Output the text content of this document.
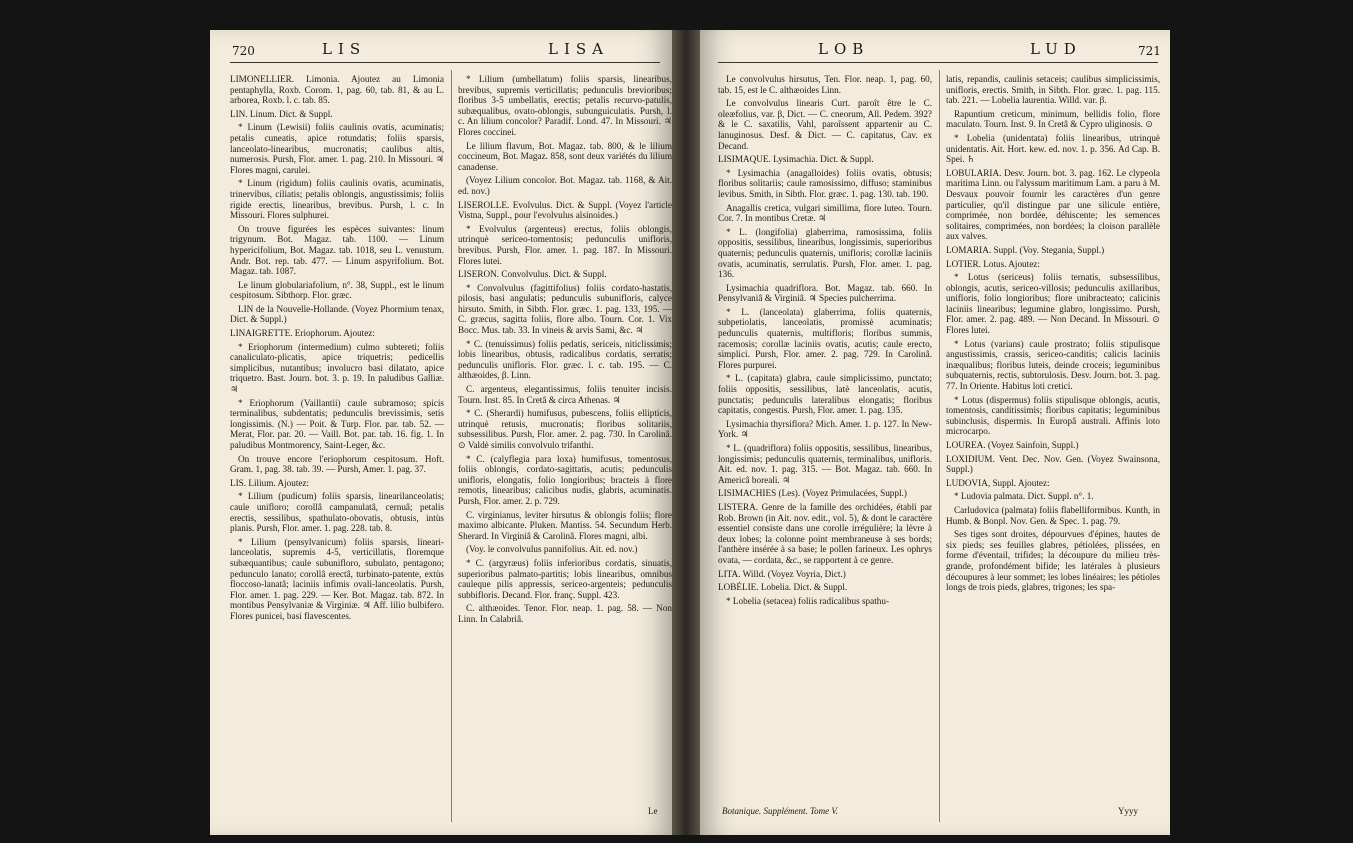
720	LIS	LISA	LOB	LUD	721

LIMONELLIER. Limonia. Ajoutez au Limonia pentaphylla, Roxb. Corom. 1, pag. 60, tab. 81, & au L. arborea, Roxb. l. c. tab. 85.

LIN. Linum. Dict. & Suppl.

* Linum (Lewisii) foliis caulinis ovatis, acuminatis; petalis cuneatis, apice rotundatis; foliis sparsis, lanceolato-linearibus, mucronatis; caulibus altis, numerosis. Pursh, Flor. amer. 1. pag. 210. In Missouri. ♃ Flores magni, carulei.

* Linum (rigidum) foliis caulinis ovatis, acuminatis, trinervibus, ciliatis; petalis oblongis, angustissimis; foliis rigide erectis, linearibus, brevibus. Pursh, l. c. In Missouri. Flores sulphurei.

On trouve figurées les espèces suivantes: linum trigynum. Bot. Magaz. tab. 1100. — Linum hypericifolium, Bot. Magaz. tab. 1018, seu L. venustum. Andr. Bot. rep. tab. 477. — Linum aspyrifolium. Bot. Magaz. tab. 1087.

Le linum globulariafolium, n°. 38, Suppl., est le linum cespitosum. Sibthorp. Flor. græc.

LIN de la Nouvelle-Hollande. (Voyez Phormium tenax, Dict. & Suppl.)

LINAIGRETTE. Eriophorum. Ajoutez:

* Eriophorum (intermedium) culmo subtereti; foliis canaliculato-plicatis, apice triquetris; pedicellis simplicibus, nutantibus; involucro basi dilatato, apice triquetro. Bast. Journ. bot. 3. p. 19. In paludibus Galliæ. ♃

* Eriophorum (Vaillantii) caule subramoso; spicis terminalibus, subdentatis; pedunculis brevissimis, setis longissimis. (N.) — Poit. & Turp. Flor. par. tab. 52. — Merat, Flor. par. 20. — Vaill. Bot. par. tab. 16. fig. 1. In paludibus Montmorency, Saint-Leger, &c.

On trouve encore l'eriophorum cespitosum. Hoft. Gram. 1, pag. 38. tab. 39. — Pursh, Amer. 1. pag. 37.

LIS. Lilium. Ajoutez:

* Lilium (pudicum) foliis sparsis, linearilanceolatis; caule unifloro; corollâ campanulatâ, cernuâ; petalis erectis, sessilibus, spathulato-obovatis, obtusis, intùs planis. Pursh, Flor. amer. 1. pag. 228. tab. 8.

* Lilium (pensylvanicum) foliis sparsis, lineari-lanceolatis, supremis 4-5, verticillatis, floremque subæquantibus; caule subunifloro, subulato, pentagono; pedunculo lanato; corollâ erectâ, turbinato-patente, extùs floccoso-lanatâ; laciniis infimis ovali-lanceolatis. Pursh, Flor. amer. 1. pag. 229. — Ker. Bot. Magaz. tab. 872. In montibus Pensylvaniæ & Virginiæ. ♃ Aff. lilio bulbifero. Flores punicei, basi flavescentes.

* Lilium (umbellatum) foliis sparsis, linearibus, brevibus, supremis verticillatis; pedunculis brevioribus; floribus 3-5 umbellatis, erectis; petalis recurvo-patulis, subæqualibus, ovato-oblongis, subunguiculatis. Pursh, l. c. An lilium concolor? Paradif. Lond. 47. In Missouri. ♃ Flores coccinei.

Le lilium flavum, Bot. Magaz. tab. 800, & le lilium coccineum, Bot. Magaz. 858, sont deux variétés du lilium canadense.

(Voyez Lilium concolor. Bot. Magaz. tab. 1168, & Ait. ed. nov.)

LISEROLLE. Evolvulus. Dict. & Suppl. (Voyez l'article Vistna, Suppl., pour l'evolvulus alsinoides.)

* Evolvulus (argenteus) erectus, foliis oblongis, utrinquè sericeo-tomentosis; pedunculis unifloris, brevibus. Pursh, Flor. amer. 1. pag. 187. In Missouri. Flores lutei.

LISERON. Convolvulus. Dict. & Suppl.

* Convolvulus (fagittifolius) foliis cordato-hastatis, pilosis, basi angulatis; pedunculis subunifloris, calyce hirsuto. Smith, in Sibth. Flor. græc. 1. pag. 133, 195. — C. græcus, sagitta foliis, flore albo. Tourn. Cor. 1. Vix Bocc. Mus. tab. 33. In vineis & arvis Sami, &c. ♃

* C. (tenuissimus) foliis pedatis, sericeis, niticlissimis; lobis linearibus, obtusis, radicalibus cordatis, serratis; pedunculis unifloris. Flor. græc. l. c. tab. 195. — C. althæoides, β. Linn.

C. argenteus, elegantissimus, foliis tenuiter incisis. Tourn. Inst. 85. In Cretâ & circa Athenas. ♃

* C. (Sherardi) humifusus, pubescens, foliis ellipticis, utrinquè retusis, mucronatis; floribus solitariis, subsessilibus. Pursh, Flor. amer. 2. pag. 730. In Carolinâ. ⊙ Valdè similis convolvulo trifanthi.

* C. (calyflegia para loxa) humifusus, tomentosus, foliis oblongis, cordato-sagittatis, acutis; pedunculis unifloris, elongatis, folio longioribus; bracteis à flore remotis, linearibus; calicibus nudis, glabris, acuminatis. Pursh, Flor. amer. 2. p. 729.

C. virginianus, leviter hirsutus & oblongis foliis; flore maximo albicante. Pluken. Mantiss. 54. Secundum Herb. Sherard. In Virginiâ & Carolinâ. Flores magni, albi.

(Voy. le convolvulus pannifolius. Ait. ed. nov.)

* C. (argyræus) foliis inferioribus cordatis, sinuatis, superioribus palmato-partitis; lobis linearibus, omnibus cauleque pilis appressis, sericeo-argenteis; pedunculis subbifloris. Decand. Flor. franç. Suppl. 423.

C. althæoides. Tenor. Flor. neap. 1. pag. 58. — Non Linn. In Calabriâ.

Le

Le convolvulus hirsutus, Ten. Flor. neap. 1, pag. 60, tab. 15, est le C. althæoides Linn.

Le convolvulus linearis Curt. paroît être le C. oleæfolius, var. β, Dict. — C. cneorum, All. Pedem. 392? & le C. saxatilis, Vahl, paroîssent appartenir au C. lanuginosus. Desf. & Dict. — C. capitatus, Cav. ex Decand.

LISIMAQUE. Lysimachia. Dict. & Suppl.

* Lysimachia (anagalloides) foliis ovatis, obtusis; floribus solitariis; caule ramosissimo, diffuso; staminibus levibus. Smith, in Sibth. Flor. græc. 1. pag. 130. tab. 190.

Anagallis cretica, vulgari simillima, flore luteo. Tourn. Cor. 7. In montibus Cretæ. ♃

* L. (longifolia) glaberrima, ramosissima, foliis oppositis, sessilibus, linearibus, longissimis, superioribus quaternis; pedunculis quaternis, unifloris; corollæ laciniis ovatis, acuminatis, serrulatis. Pursh, Flor. amer. 1. pag. 136.

Lysimachia quadriflora. Bot. Magaz. tab. 660. In Pensylvaniâ & Virginiâ. ♃ Species pulcherrima.

* L. (lanceolata) glaberrima, foliis quaternis, subpetiolatis, lanceolatis, promissè acuminatis; pedunculis quaternis, multifloris; floribus summis, racemosis; corollæ laciniis ovatis, acutis; caule erecto, simplici. Pursh, Flor. amer. 2. pag. 729. In Carolinâ. Flores purpurei.

* L. (capitata) glabra, caule simplicissimo, punctato; foliis oppositis, sessilibus, latè lanceolatis, acutis, punctatis; pedunculis lateralibus elongatis; floribus capitatis, congestis. Pursh, Flor. amer. 1. pag. 135.

Lysimachia thyrsiflora? Mich. Amer. 1. p. 127. In New-York. ♃

* L. (quadriflora) foliis oppositis, sessilibus, linearibus, longissimis; pedunculis quaternis, terminalibus, unifloris. Ait. ed. nov. 1. pag. 315. — Bot. Magaz. tab. 660. In Americâ boreali. ♃

LISIMACHIES (Les). (Voyez Primulacées, Suppl.)

LISTERA. Genre de la famille des orchidées, établi par Rob. Brown (in Ait. nov. edit., vol. 5), & dont le caractère essentiel consiste dans une corolle irrégulière; la lèvre à deux lobes; la colonne point membraneuse à ses bords; l'anthère insérée à sa base; le pollen farineux. Les ophrys ovata, — cordata, &c., se rapportent à ce genre.

LITA. Willd. (Voyez Voyria, Dict.)

LOBÉLIE. Lobelia. Dict. & Suppl.

* Lobelia (setacea) foliis radicalibus spathu-

latis, repandis, caulinis setaceis; caulibus simplicissimis, unifloris, erectis. Smith, in Sibth. Flor. græc. 1. pag. 115. tab. 221. — Lobelia laurentia. Willd. var. β.

Rapuntium creticum, minimum, bellidis folio, flore maculato. Tourn. Inst. 9. In Cretâ & Cypro uliginosis. ⊙

* Lobelia (unidentata) foliis linearibus, utrinquè unidentatis. Ait. Hort. kew. ed. nov. 1. p. 356. Ad Cap. B. Spei. ♄

LOBULARIA. Desv. Journ. bot. 3. pag. 162. Le clypeola maritima Linn. ou l'alyssum maritimum Lam. a paru à M. Desvaux pouvoir fournir les caractères d'un genre particulier, qu'il distingue par une silicule entière, comprimée, non bordée, déhiscente; les semences solitaires, comprimées, non bordées; la cloison parallèle aux valves.

LOMARIA. Suppl. (Voy. Stegania, Suppl.)

LOTIER. Lotus. Ajoutez:

* Lotus (sericeus) foliis ternatis, subsessilibus, oblongis, acutis, sericeo-villosis; pedunculis axillaribus, unifloris, folio longioribus; flore unibracteato; calicinis laciniis linearibus; legumine glabro, longissimo. Pursh, Flor. amer. 2. pag. 489. — Non Decand. In Missouri. ⊙ Flores lutei.

* Lotus (varians) caule prostrato; foliis stipulisque angustissimis, crassis, sericeo-canditis; calicis laciniis inæqualibus; floribus luteis, deinde croceis; leguminibus subquaternis, rectis, subtorulosis. Desv. Journ. bot. 3. pag. 77. In Oriente. Habitus loti cretici.

* Lotus (dispermus) foliis stipulisque oblongis, acutis, tomentosis, canditissimis; floribus capitatis; leguminibus subinclusis, dispermis. In Europâ australi. Affinis loto microcarpo.

LOUREA. (Voyez Sainfoin, Suppl.)

LOXIDIUM. Vent. Dec. Nov. Gen. (Voyez Swainsona, Suppl.)

LUDOVIA, Suppl. Ajoutez:

* Ludovia palmata. Dict. Suppl. n°. 1.

Carludovica (palmata) foliis flabelliformibus. Kunth, in Humb. & Bonpl. Nov. Gen. & Spec. 1. pag. 79.

Ses tiges sont droites, dépourvues d'épines, hautes de six pieds; ses feuilles glabres, pétiolées, plissées, en forme d'éventail, trifides; la découpure du milieu très-grande, profondément bifide; les latérales à plusieurs découpures à leur sommet; les lobes linéaires; les pétioles longs de trois pieds, glabres, trigones; les spa-

Botanique. Supplément. Tome V.	Yyyy
